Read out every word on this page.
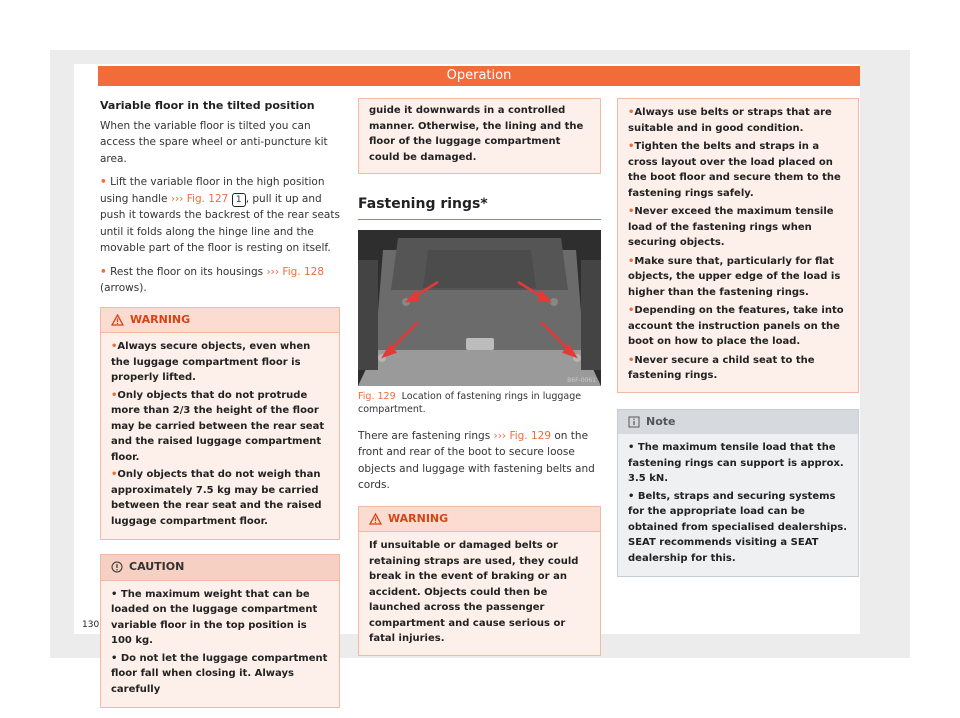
Operation
Variable floor in the tilted position

When the variable floor is tilted you can access the spare wheel or anti-puncture kit area.

• Lift the variable floor in the high position using handle ››› Fig. 127 1 , pull it up and push it towards the backrest of the rear seats until it folds along the hinge line and the movable part of the floor is resting on itself.

• Rest the floor on its housings ››› Fig. 128 (arrows).

WARNING
• Always secure objects, even when the luggage compartment floor is properly lifted.
• Only objects that do not protrude more than 2/3 the height of the floor may be carried between the rear seat and the raised luggage compartment floor.
• Only objects that do not weigh than approximately 7.5 kg may be carried between the rear seat and the raised luggage compartment floor.
CAUTION
• The maximum weight that can be loaded on the luggage compartment variable floor in the top position is 100 kg.
• Do not let the luggage compartment floor fall when closing it. Always carefully
guide it downwards in a controlled manner. Otherwise, the lining and the floor of the luggage compartment could be damaged.
Fastening rings*
B6F-0061
Fig. 129 Location of fastening rings in luggage compartment.

There are fastening rings ››› Fig. 129 on the front and rear of the boot to secure loose objects and luggage with fastening belts and cords.

WARNING
If unsuitable or damaged belts or retaining straps are used, they could break in the event of braking or an accident. Objects could then be launched across the passenger compartment and cause serious or fatal injuries.
• Always use belts or straps that are suitable and in good condition.
• Tighten the belts and straps in a cross layout over the load placed on the boot floor and secure them to the fastening rings safely.
• Never exceed the maximum tensile load of the fastening rings when securing objects.
• Make sure that, particularly for flat objects, the upper edge of the load is higher than the fastening rings.
• Depending on the features, take into account the instruction panels on the boot on how to place the load.
• Never secure a child seat to the fastening rings.
Note
• The maximum tensile load that the fastening rings can support is approx. 3.5 kN.
• Belts, straps and securing systems for the appropriate load can be obtained from specialised dealerships. SEAT recommends visiting a SEAT dealership for this.
130
